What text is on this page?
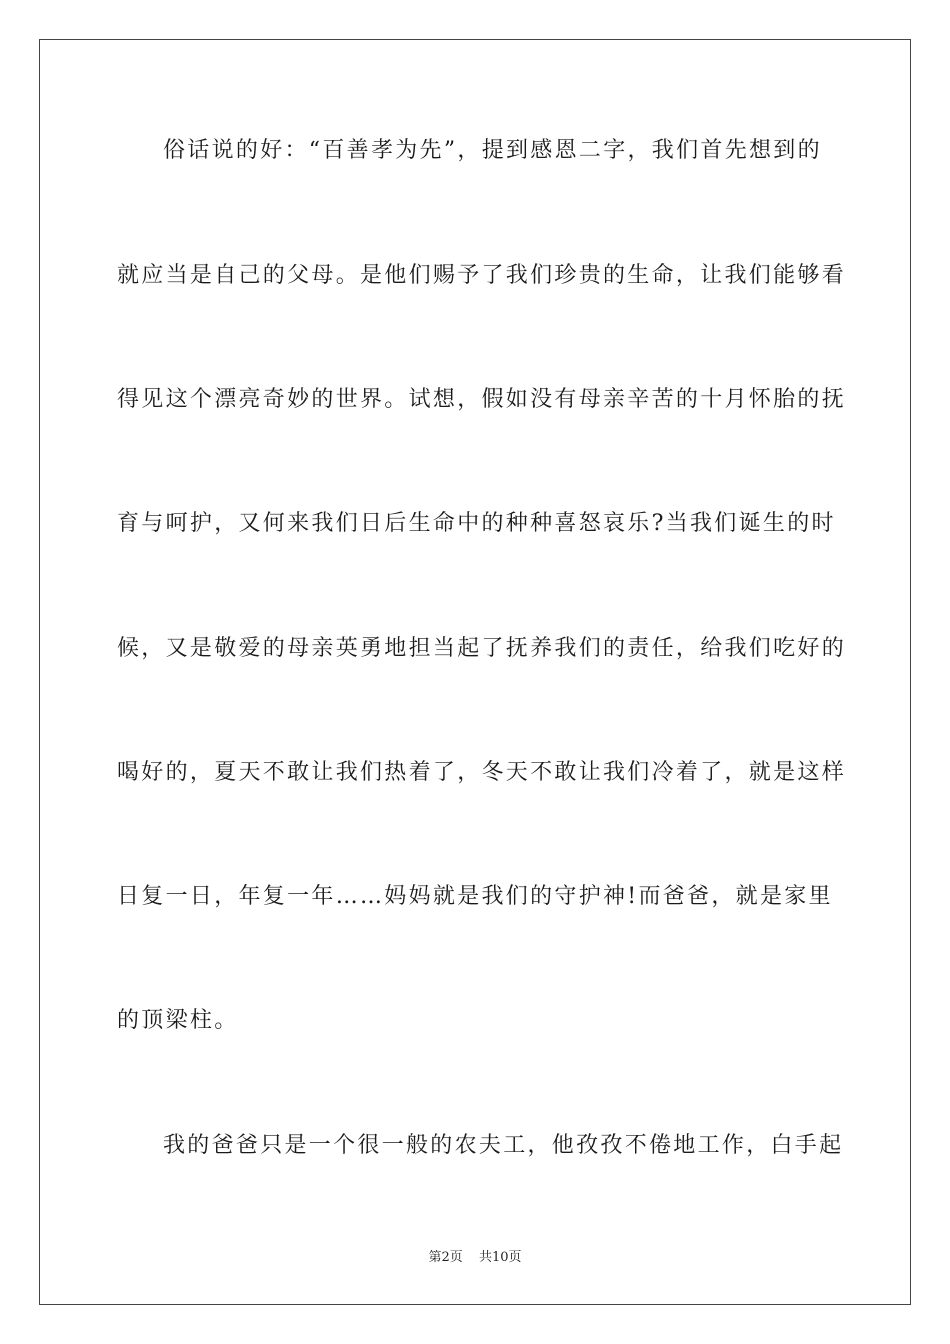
俗话说的好：“百善孝为先”，提到感恩二字，我们首先想到的
就应当是自己的父母。是他们赐予了我们珍贵的生命，让我们能够看
得见这个漂亮奇妙的世界。试想，假如没有母亲辛苦的十月怀胎的抚
育与呵护，又何来我们日后生命中的种种喜怒哀乐?当我们诞生的时
候，又是敬爱的母亲英勇地担当起了抚养我们的责任，给我们吃好的
喝好的，夏天不敢让我们热着了，冬天不敢让我们冷着了，就是这样
日复一日，年复一年……妈妈就是我们的守护神!而爸爸，就是家里
的顶梁柱。
我的爸爸只是一个很一般的农夫工，他孜孜不倦地工作，白手起
第2页 共10页
